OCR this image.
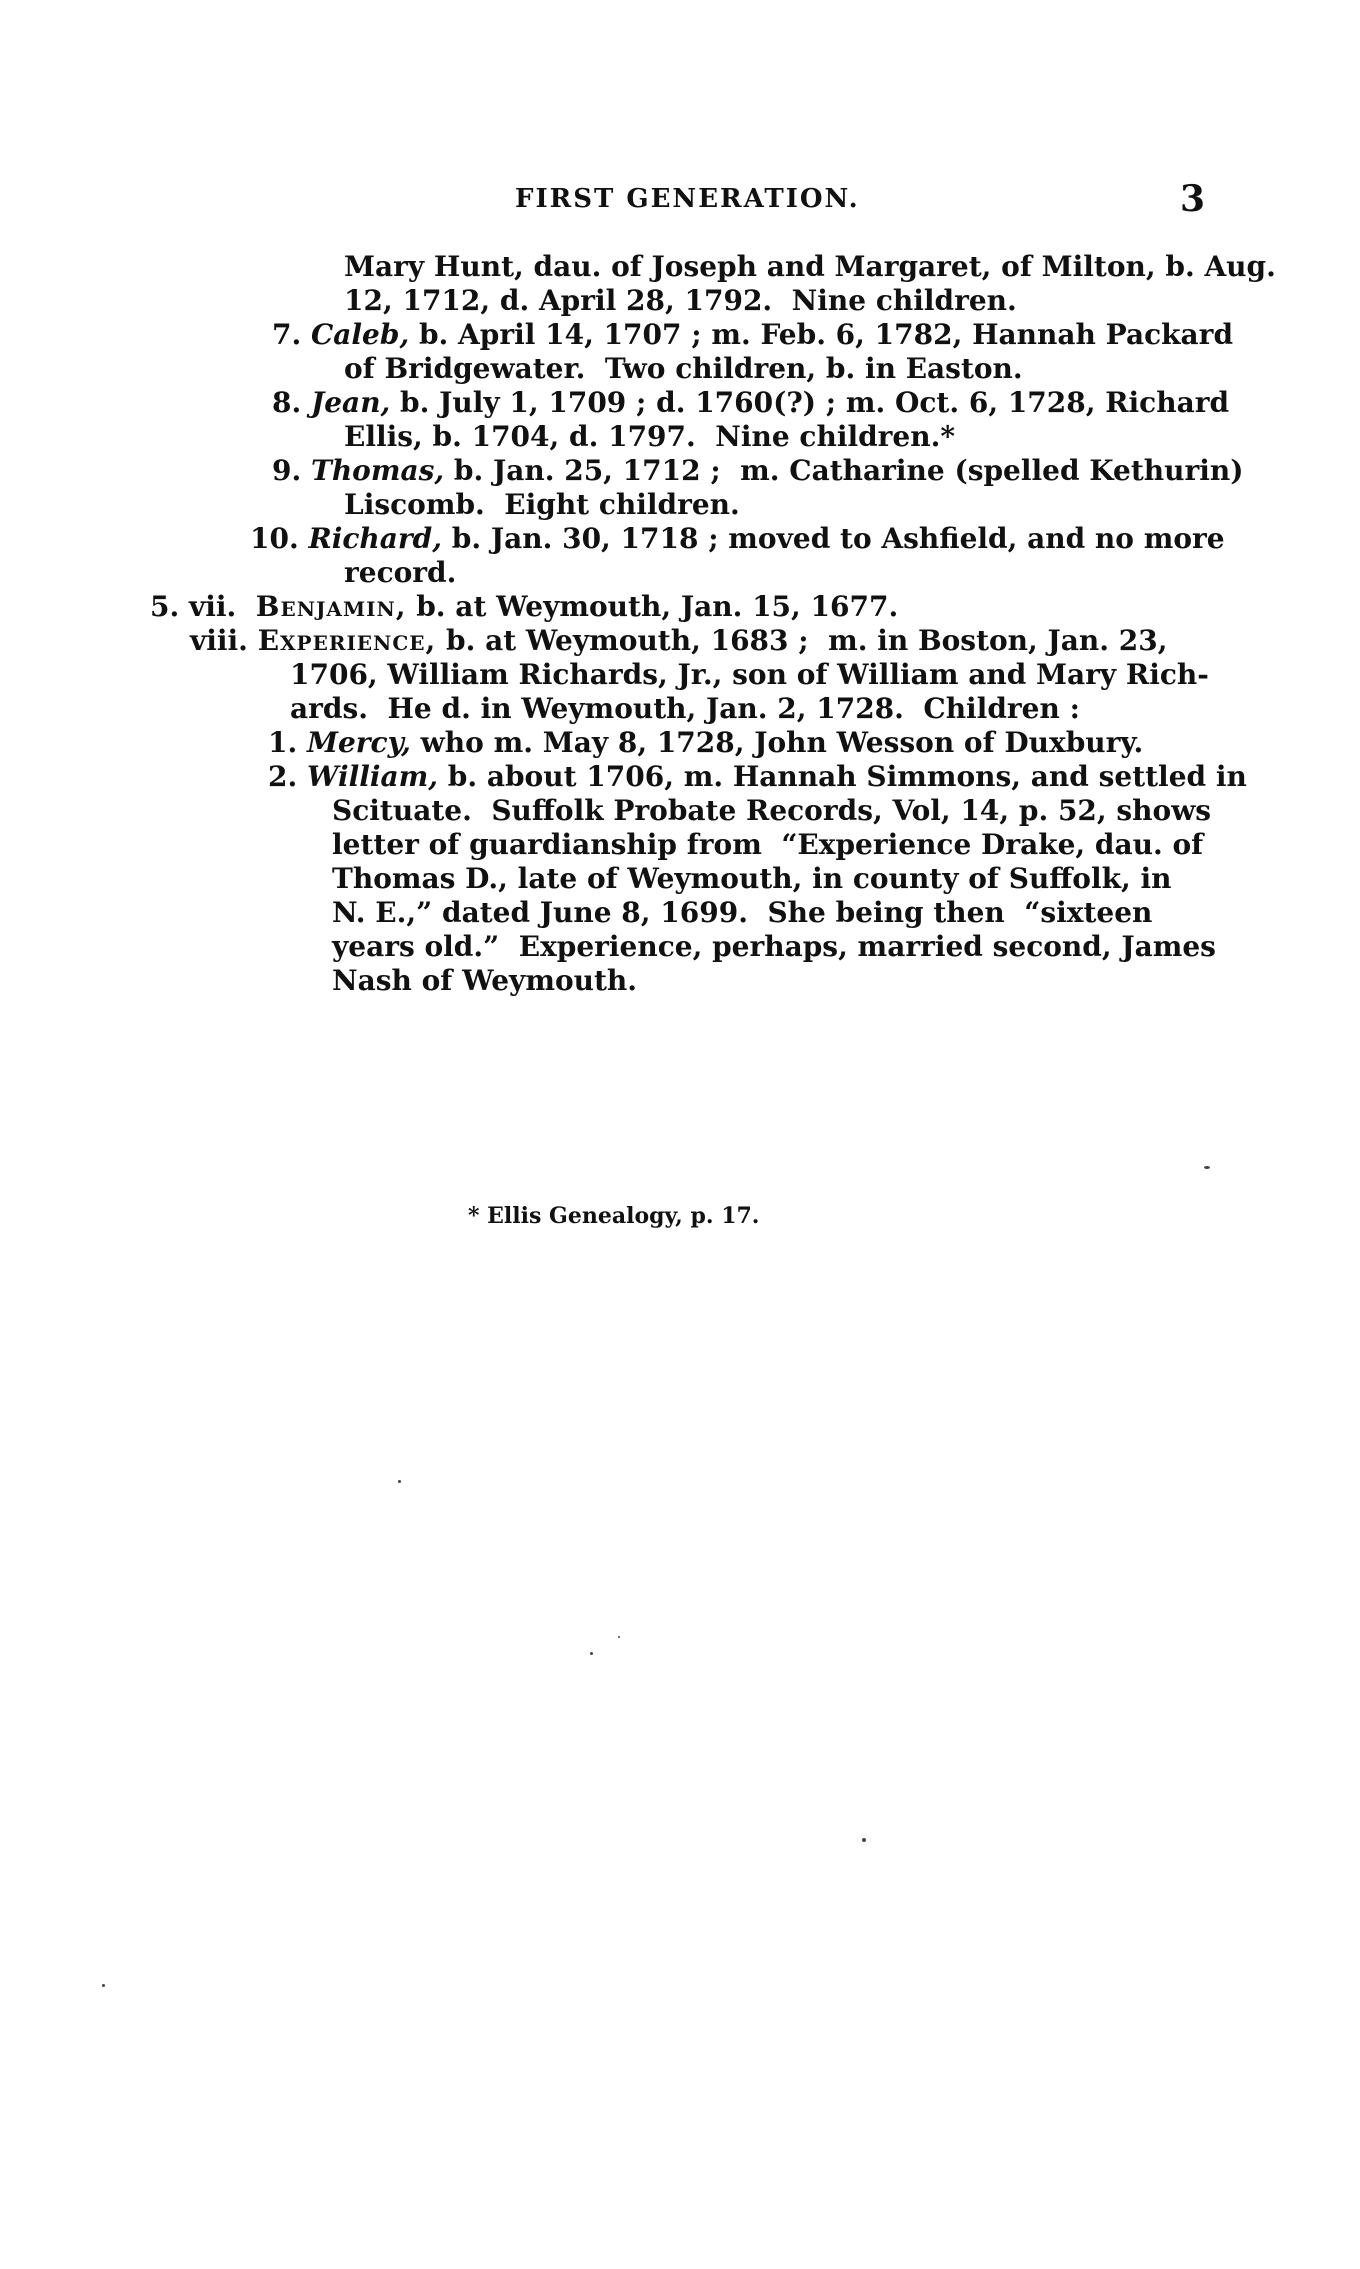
FIRST GENERATION.	3
Mary Hunt, dau. of Joseph and Margaret, of Milton, b. Aug.
12, 1712, d. April 28, 1792.  Nine children.
7. Caleb, b. April 14, 1707 ; m. Feb. 6, 1782, Hannah Packard
of Bridgewater.  Two children, b. in Easton.
8. Jean, b. July 1, 1709 ; d. 1760(?) ; m. Oct. 6, 1728, Richard
Ellis, b. 1704, d. 1797.  Nine children.*
9. Thomas, b. Jan. 25, 1712 ;  m. Catharine (spelled Kethurin)
Liscomb.  Eight children.
10. Richard, b. Jan. 30, 1718 ; moved to Ashfield, and no more
record.
5. vii. Benjamin, b. at Weymouth, Jan. 15, 1677.
viii. Experience, b. at Weymouth, 1683 ;  m. in Boston, Jan. 23,
1706, William Richards, Jr., son of William and Mary Rich-
ards.  He d. in Weymouth, Jan. 2, 1728.  Children :
1. Mercy, who m. May 8, 1728, John Wesson of Duxbury.
2. William, b. about 1706, m. Hannah Simmons, and settled in
Scituate.  Suffolk Probate Records, Vol, 14, p. 52, shows
letter of guardianship from  “Experience Drake, dau. of
Thomas D., late of Weymouth, in county of Suffolk, in
N. E.,” dated June 8, 1699.  She being then  “sixteen
years old.”  Experience, perhaps, married second, James
Nash of Weymouth.
* Ellis Genealogy, p. 17.
